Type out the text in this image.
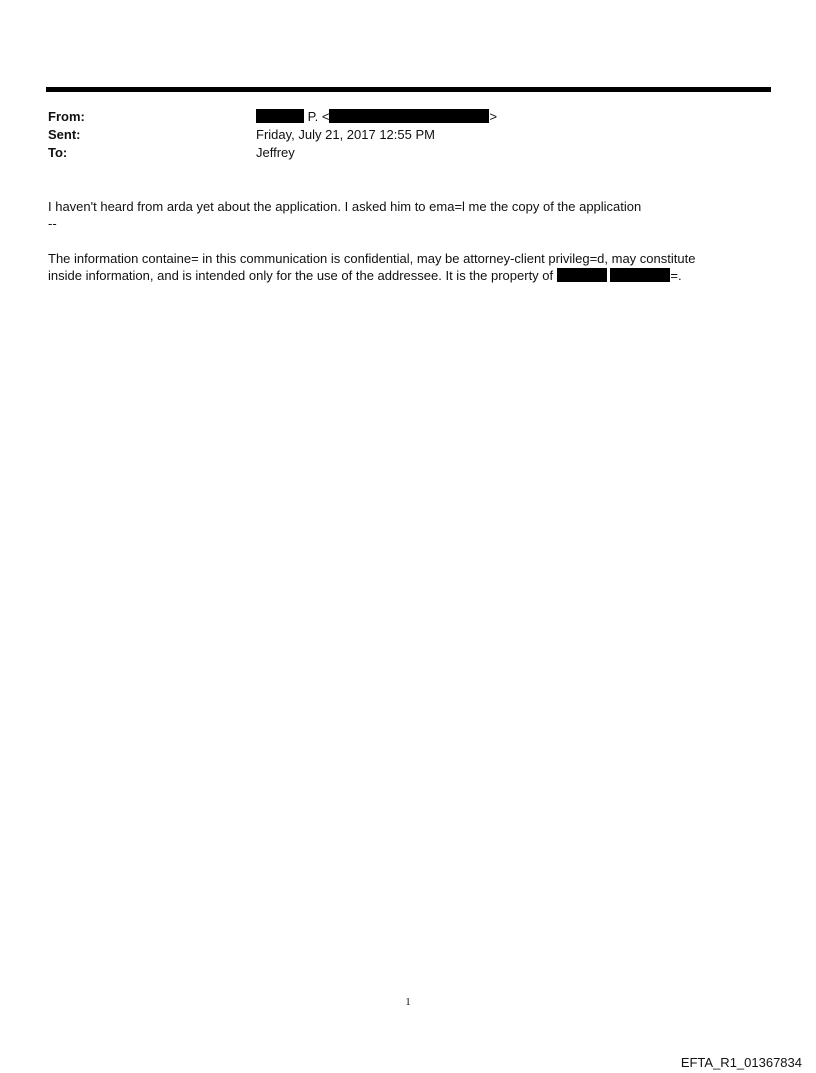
From:	P. <	>
Sent:	Friday, July 21, 2017 12:55 PM
To:	Jeffrey

I haven't heard from arda yet about the application. I asked him to ema=l me the copy of the application

--

The information containe= in this communication is confidential, may be attorney-client privileg=d, may constitute

inside information, and is intended only for the use of the addressee. It is the property of	=.

1
EFTA_R1_01367834
